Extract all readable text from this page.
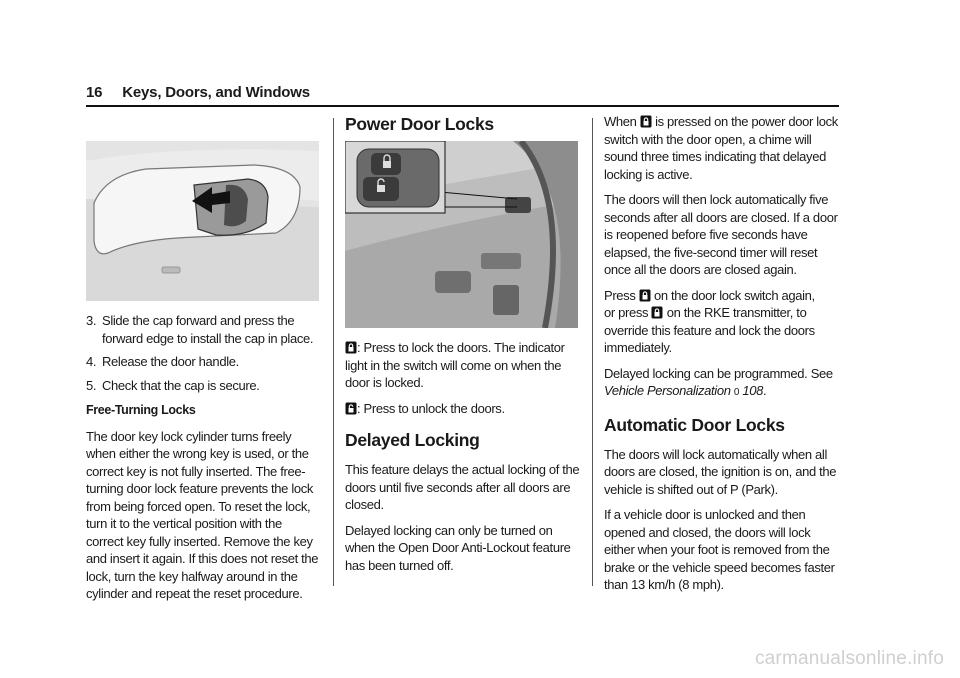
16 Keys, Doors, and Windows
3. Slide the cap forward and press the forward edge to install the cap in place.
4. Release the door handle.
5. Check that the cap is secure.

Free-Turning Locks

The door key lock cylinder turns freely when either the wrong key is used, or the correct key is not fully inserted. The free-turning door lock feature prevents the lock from being forced open. To reset the lock, turn it to the vertical position with the correct key fully inserted. Remove the key and insert it again. If this does not reset the lock, turn the key halfway around in the cylinder and repeat the reset procedure.

Power Door Locks

: Press to lock the doors. The indicator light in the switch will come on when the door is locked.

: Press to unlock the doors.

Delayed Locking

This feature delays the actual locking of the doors until five seconds after all doors are closed.

Delayed locking can only be turned on when the Open Door Anti-Lockout feature has been turned off.

When is pressed on the power door lock switch with the door open, a chime will sound three times indicating that delayed locking is active.

The doors will then lock automatically five seconds after all doors are closed. If a door is reopened before five seconds have elapsed, the five-second timer will reset once all the doors are closed again.

Press on the door lock switch again,
or press on the RKE transmitter, to override this feature and lock the doors immediately.

Delayed locking can be programmed. See Vehicle Personalization 0 108.

Automatic Door Locks

The doors will lock automatically when all doors are closed, the ignition is on, and the vehicle is shifted out of P (Park).

If a vehicle door is unlocked and then opened and closed, the doors will lock either when your foot is removed from the brake or the vehicle speed becomes faster than 13 km/h (8 mph).

carmanualsonline.info
